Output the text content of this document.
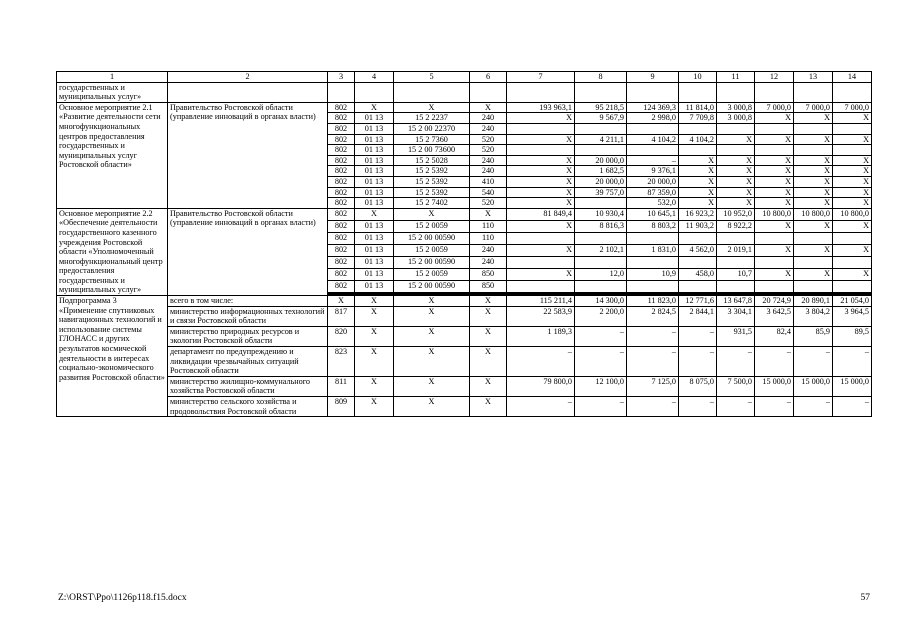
1	2	3	4	5	6	7	8	9	10	11	12	13	14
государственных и муниципальных услуг»													
Основное мероприятие 2.1 «Развитие деятельности сети многофункциональных центров предоставления государственных и муниципальных услуг Ростовской области»	Правительство Ростовской области (управление инноваций в органах власти)	802	Х	Х	Х	193 963,1	95 218,5	124 369,3	11 814,0	3 000,8	7 000,0	7 000,0	7 000,0
		802	01 13	15 2 2237	240	Х	9 567,9	2 998,0	7 709,8	3 000,8	Х	Х	Х
		802	01 13	15 2 00 22370	240								
		802	01 13	15 2 7360	520	Х	4 211,1	4 104,2	4 104,2	Х	Х	Х	Х
		802	01 13	15 2 00 73600	520								
		802	01 13	15 2 5028	240	Х	20 000,0	–	Х	Х	Х	Х	Х
		802	01 13	15 2 5392	240	Х	1 682,5	9 376,1	Х	Х	Х	Х	Х
		802	01 13	15 2 5392	410	Х	20 000,0	20 000,0	Х	Х	Х	Х	Х
		802	01 13	15 2 5392	540	Х	39 757,0	87 359,0	Х	Х	Х	Х	Х
		802	01 13	15 2 7402	520	Х		532,0	Х	Х	Х	Х	Х
Основное мероприятие 2.2 «Обеспечение деятельности государственного казенного учреждения Ростовской области «Уполномоченный многофункциональный центр предоставления государственных и муниципальных услуг»	Правительство Ростовской области (управление инноваций в органах власти)	802	Х	Х	Х	81 849,4	10 930,4	10 645,1	16 923,2	10 952,0	10 800,0	10 800,0	10 800,0
		802	01 13	15 2 0059	110	Х	8 816,3	8 803,2	11 903,2	8 922,2	Х	Х	Х
		802	01 13	15 2 00 00590	110								
		802	01 13	15 2 0059	240	Х	2 102,1	1 831,0	4 562,0	2 019,1	Х	Х	Х
		802	01 13	15 2 00 00590	240								
		802	01 13	15 2 0059	850	Х	12,0	10,9	458,0	10,7	Х	Х	Х
		802	01 13	15 2 00 00590	850								

Подпрограмма 3 «Применение спутниковых навигационных технологий и использование системы ГЛОНАСС и других результатов космической деятельности в интересах социально-экономического развития Ростовской области»	всего в том числе:	Х	Х	Х	Х	115 211,4	14 300,0	11 823,0	12 771,6	13 647,8	20 724,9	20 890,1	21 054,0
	министерство информационных технологий и связи Ростовской области	817	Х	Х	Х	22 583,9	2 200,0	2 824,5	2 844,1	3 304,1	3 642,5	3 804,2	3 964,5
	министерство природных ресурсов и экологии Ростовской области	820	Х	Х	Х	1 189,3	–	–	–	931,5	82,4	85,9	89,5
	департамент по предупреждению и ликвидации чрезвычайных ситуаций Ростовской области	823	Х	Х	Х	–	–	–	–	–	–	–	–
	министерство жилищно-коммунального хозяйства Ростовской области	811	Х	Х	Х	79 800,0	12 100,0	7 125,0	8 075,0	7 500,0	15 000,0	15 000,0	15 000,0
	министерство сельского хозяйства и продовольствия Ростовской области	809	Х	Х	Х	–	–	–	–	–	–	–	–
Z:\ORST\Ppo\1126p118.f15.docx	57
